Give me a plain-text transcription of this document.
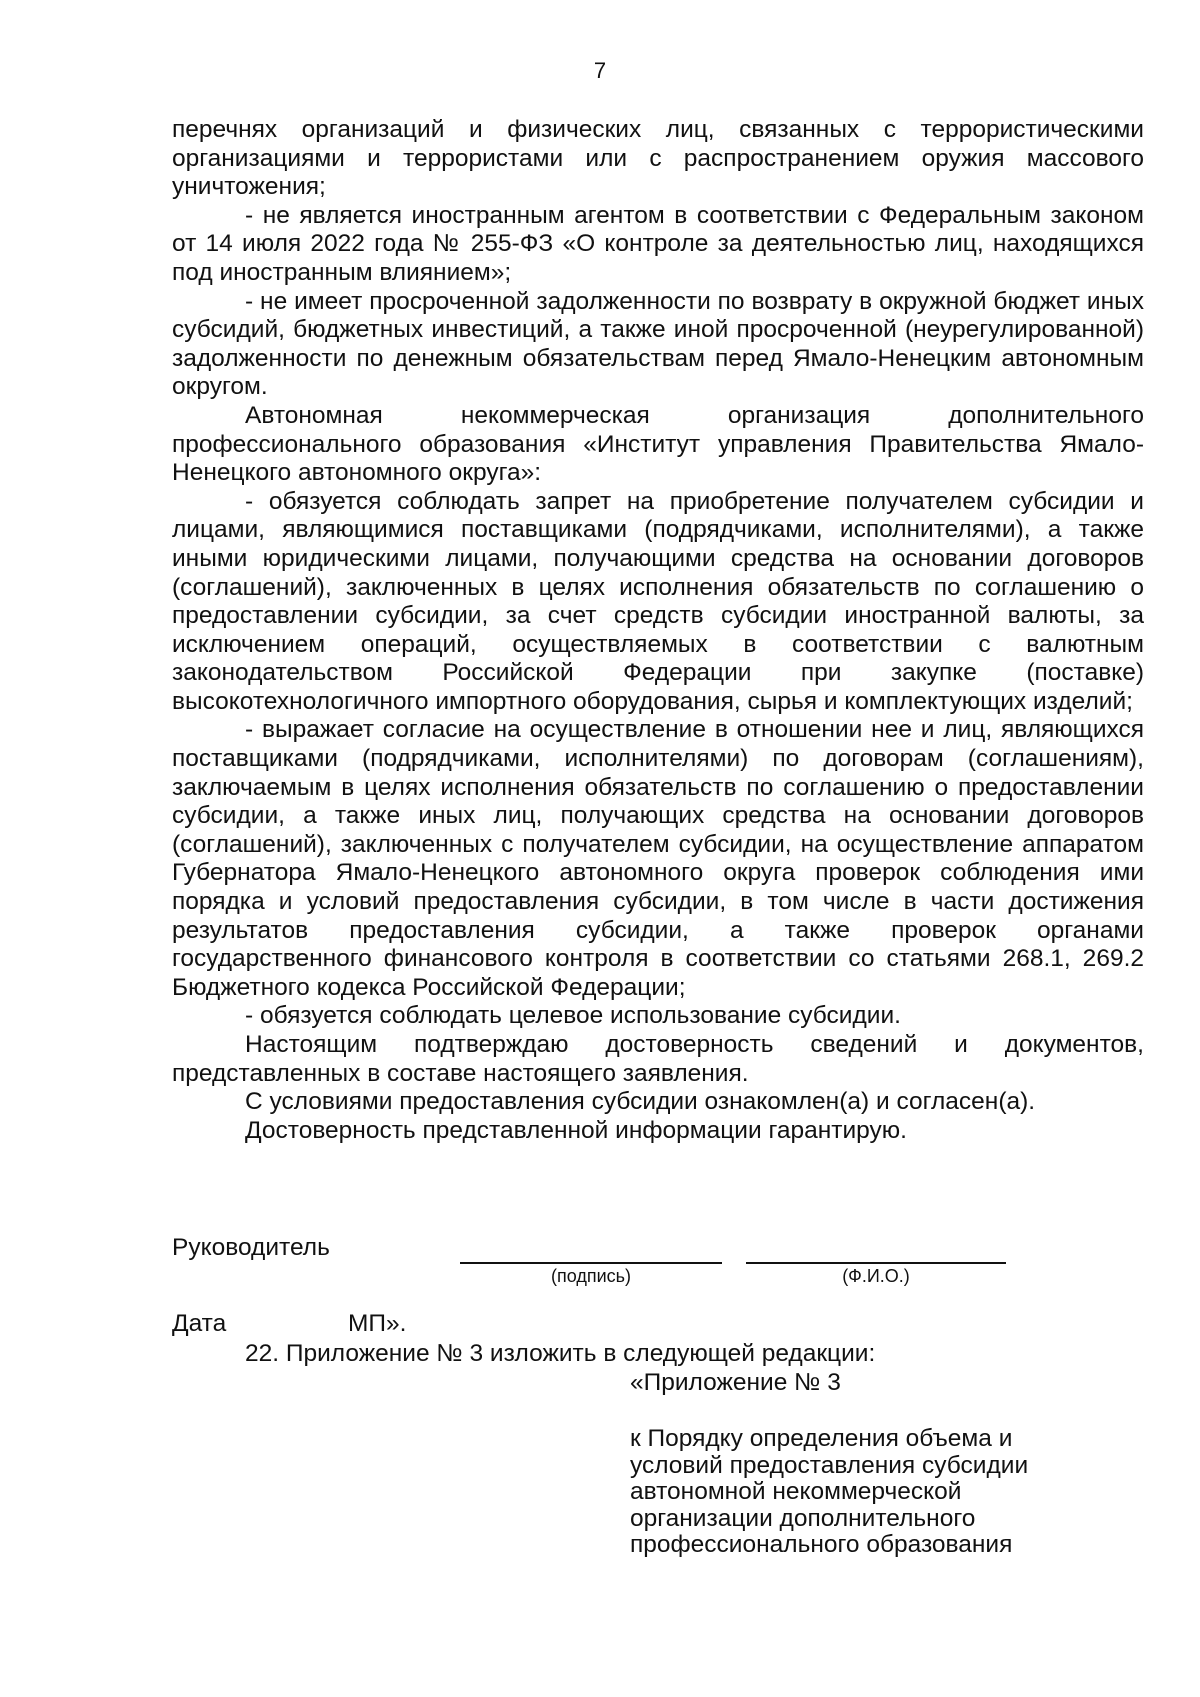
7

перечнях организаций и физических лиц, связанных с террористическими организациями и террористами или с распространением оружия массового уничтожения;

- не является иностранным агентом в соответствии с Федеральным законом от 14 июля 2022 года № 255-ФЗ «О контроле за деятельностью лиц, находящихся под иностранным влиянием»;

- не имеет просроченной задолженности по возврату в окружной бюджет иных субсидий, бюджетных инвестиций, а также иной просроченной (неурегулированной) задолженности по денежным обязательствам перед Ямало-Ненецким автономным округом.

Автономная некоммерческая организация дополнительного профессионального образования «Институт управления Правительства Ямало-Ненецкого автономного округа»:

- обязуется соблюдать запрет на приобретение получателем субсидии и лицами, являющимися поставщиками (подрядчиками, исполнителями), а также иными юридическими лицами, получающими средства на основании договоров (соглашений), заключенных в целях исполнения обязательств по соглашению о предоставлении субсидии, за счет средств субсидии иностранной валюты, за исключением операций, осуществляемых в соответствии с валютным законодательством Российской Федерации при закупке (поставке) высокотехнологичного импортного оборудования, сырья и комплектующих изделий;

- выражает согласие на осуществление в отношении нее и лиц, являющихся поставщиками (подрядчиками, исполнителями) по договорам (соглашениям), заключаемым в целях исполнения обязательств по соглашению о предоставлении субсидии, а также иных лиц, получающих средства на основании договоров (соглашений), заключенных с получателем субсидии, на осуществление аппаратом Губернатора Ямало-Ненецкого автономного округа проверок соблюдения ими порядка и условий предоставления субсидии, в том числе в части достижения результатов предоставления субсидии, а также проверок органами государственного финансового контроля в соответствии со статьями 268.1, 269.2 Бюджетного кодекса Российской Федерации;

- обязуется соблюдать целевое использование субсидии.

Настоящим подтверждаю достоверность сведений и документов, представленных в составе настоящего заявления.

С условиями предоставления субсидии ознакомлен(а) и согласен(а).

Достоверность представленной информации гарантирую.

Руководитель
(подпись)	(Ф.И.О.)
Дата	МП».
22. Приложение № 3 изложить в следующей редакции:
«Приложение № 3
к Порядку определения объема и
условий предоставления субсидии
автономной некоммерческой
организации дополнительного
профессионального образования
